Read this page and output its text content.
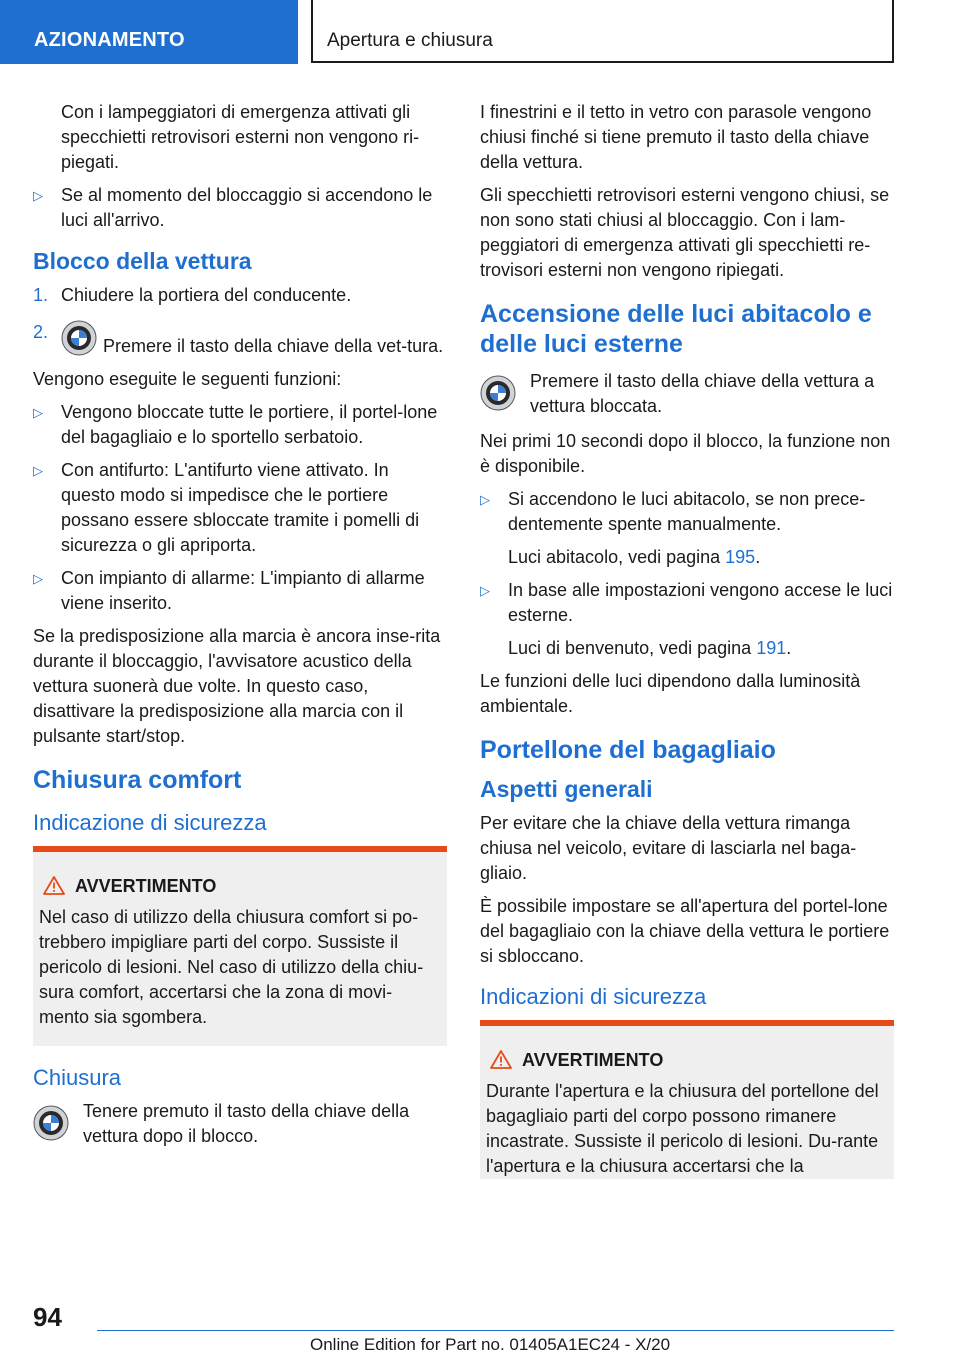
AZIONAMENTO	Apertura e chiusura

Con i lampeggiatori di emergenza attivati gli specchietti retrovisori esterni non vengono ri-piegati.

▷ Se al momento del bloccaggio si accendono le luci all'arrivo.
Blocco della vettura
1. Chiudere la portiera del conducente.
2.
Premere il tasto della chiave della vet-tura.

Vengono eseguite le seguenti funzioni:

▷ Vengono bloccate tutte le portiere, il portel-lone del bagagliaio e lo sportello serbatoio.
▷ Con antifurto: L'antifurto viene attivato. In questo modo si impedisce che le portiere possano essere sbloccate tramite i pomelli di sicurezza o gli apriporta.
▷ Con impianto di allarme: L'impianto di allarme viene inserito.

Se la predisposizione alla marcia è ancora inse-rita durante il bloccaggio, l'avvisatore acustico della vettura suonerà due volte. In questo caso, disattivare la predisposizione alla marcia con il pulsante start/stop.

Chiusura comfort
Indicazione di sicurezza
AVVERTIMENTO
Nel caso di utilizzo della chiusura comfort si po-trebbero impigliare parti del corpo. Sussiste il pericolo di lesioni. Nel caso di utilizzo della chiu-sura comfort, accertarsi che la zona di movi-mento sia sgombera.
Chiusura
Tenere premuto il tasto della chiave della vettura dopo il blocco.

I finestrini e il tetto in vetro con parasole vengono chiusi finché si tiene premuto il tasto della chiave della vettura.

Gli specchietti retrovisori esterni vengono chiusi, se non sono stati chiusi al bloccaggio. Con i lam-peggiatori di emergenza attivati gli specchietti re-trovisori esterni non vengono ripiegati.

Accensione delle luci abitacolo e delle luci esterne
Premere il tasto della chiave della vettura a vettura bloccata.

Nei primi 10 secondi dopo il blocco, la funzione non è disponibile.

▷ Si accendono le luci abitacolo, se non prece-dentemente spente manualmente.
Luci abitacolo, vedi pagina 195.
▷ In base alle impostazioni vengono accese le luci esterne.
Luci di benvenuto, vedi pagina 191.

Le funzioni delle luci dipendono dalla luminosità ambientale.

Portellone del bagagliaio
Aspetti generali

Per evitare che la chiave della vettura rimanga chiusa nel veicolo, evitare di lasciarla nel baga-gliaio.

È possibile impostare se all'apertura del portel-lone del bagagliaio con la chiave della vettura le portiere si sbloccano.

Indicazioni di sicurezza
AVVERTIMENTO
Durante l'apertura e la chiusura del portellone del bagagliaio parti del corpo possono rimanere incastrate. Sussiste il pericolo di lesioni. Du-rante l'apertura e la chiusura accertarsi che la
94
Online Edition for Part no. 01405A1EC24 - X/20
